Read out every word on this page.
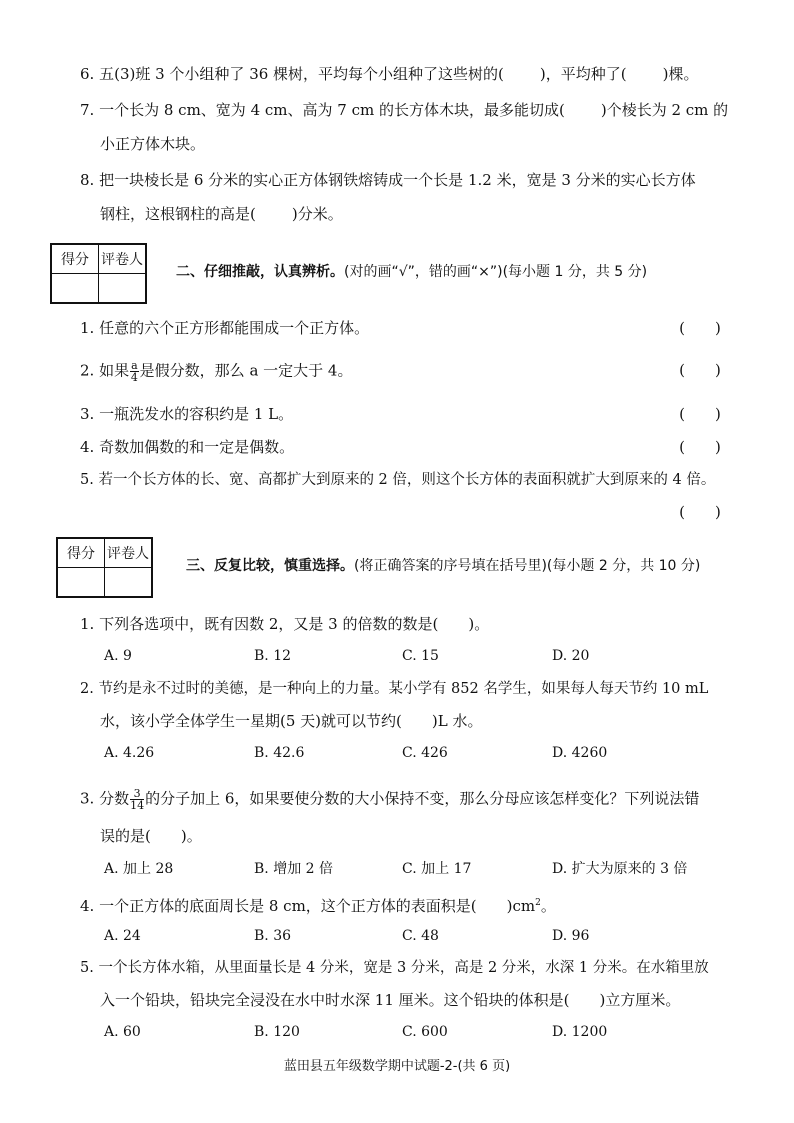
6. 五(3)班 3 个小组种了 36 棵树，平均每个小组种了这些树的( )，平均种了( )棵。
7. 一个长为 8 cm、宽为 4 cm、高为 7 cm 的长方体木块，最多能切成( )个棱长为 2 cm 的
小正方体木块。
8. 把一块棱长是 6 分米的实心正方体钢铁熔铸成一个长是 1.2 米，宽是 3 分米的实心长方体
钢柱，这根钢柱的高是( )分米。
得分	评卷人

二、仔细推敲，认真辨析。(对的画“√”，错的画“×”)(每小题 1 分，共 5 分)
1. 任意的六个正方形都能围成一个正方体。	(　　)
2. 如果 $\frac{a}{4}$ 是假分数，那么 a 一定大于 4。	(　　)
3. 一瓶洗发水的容积约是 1 L。	(　　)
4. 奇数加偶数的和一定是偶数。	(　　)
5. 若一个长方体的长、宽、高都扩大到原来的 2 倍，则这个长方体的表面积就扩大到原来的 4 倍。
(　　)
得分	评卷人

三、反复比较，慎重选择。(将正确答案的序号填在括号里)(每小题 2 分，共 10 分)
1. 下列各选项中，既有因数 2，又是 3 的倍数的数是(　　)。
A. 9	B. 12	C. 15	D. 20
2. 节约是永不过时的美德，是一种向上的力量。某小学有 852 名学生，如果每人每天节约 10 mL
水，该小学全体学生一星期(5 天)就可以节约(　　)L 水。
A. 4.26	B. 42.6	C. 426	D. 4260
3. 分数 $\frac{3}{14}$ 的分子加上 6，如果要使分数的大小保持不变，那么分母应该怎样变化？下列说法错
误的是(　　)。
A. 加上 28	B. 增加 2 倍	C. 加上 17	D. 扩大为原来的 3 倍
4. 一个正方体的底面周长是 8 cm，这个正方体的表面积是(　　)$cm^2$。
A. 24	B. 36	C. 48	D. 96
5. 一个长方体水箱，从里面量长是 4 分米，宽是 3 分米，高是 2 分米，水深 1 分米。在水箱里放
入一个铅块，铅块完全浸没在水中时水深 11 厘米。这个铅块的体积是(　　)立方厘米。
A. 60	B. 120	C. 600	D. 1200
蓝田县五年级数学期中试题-2-(共 6 页)
